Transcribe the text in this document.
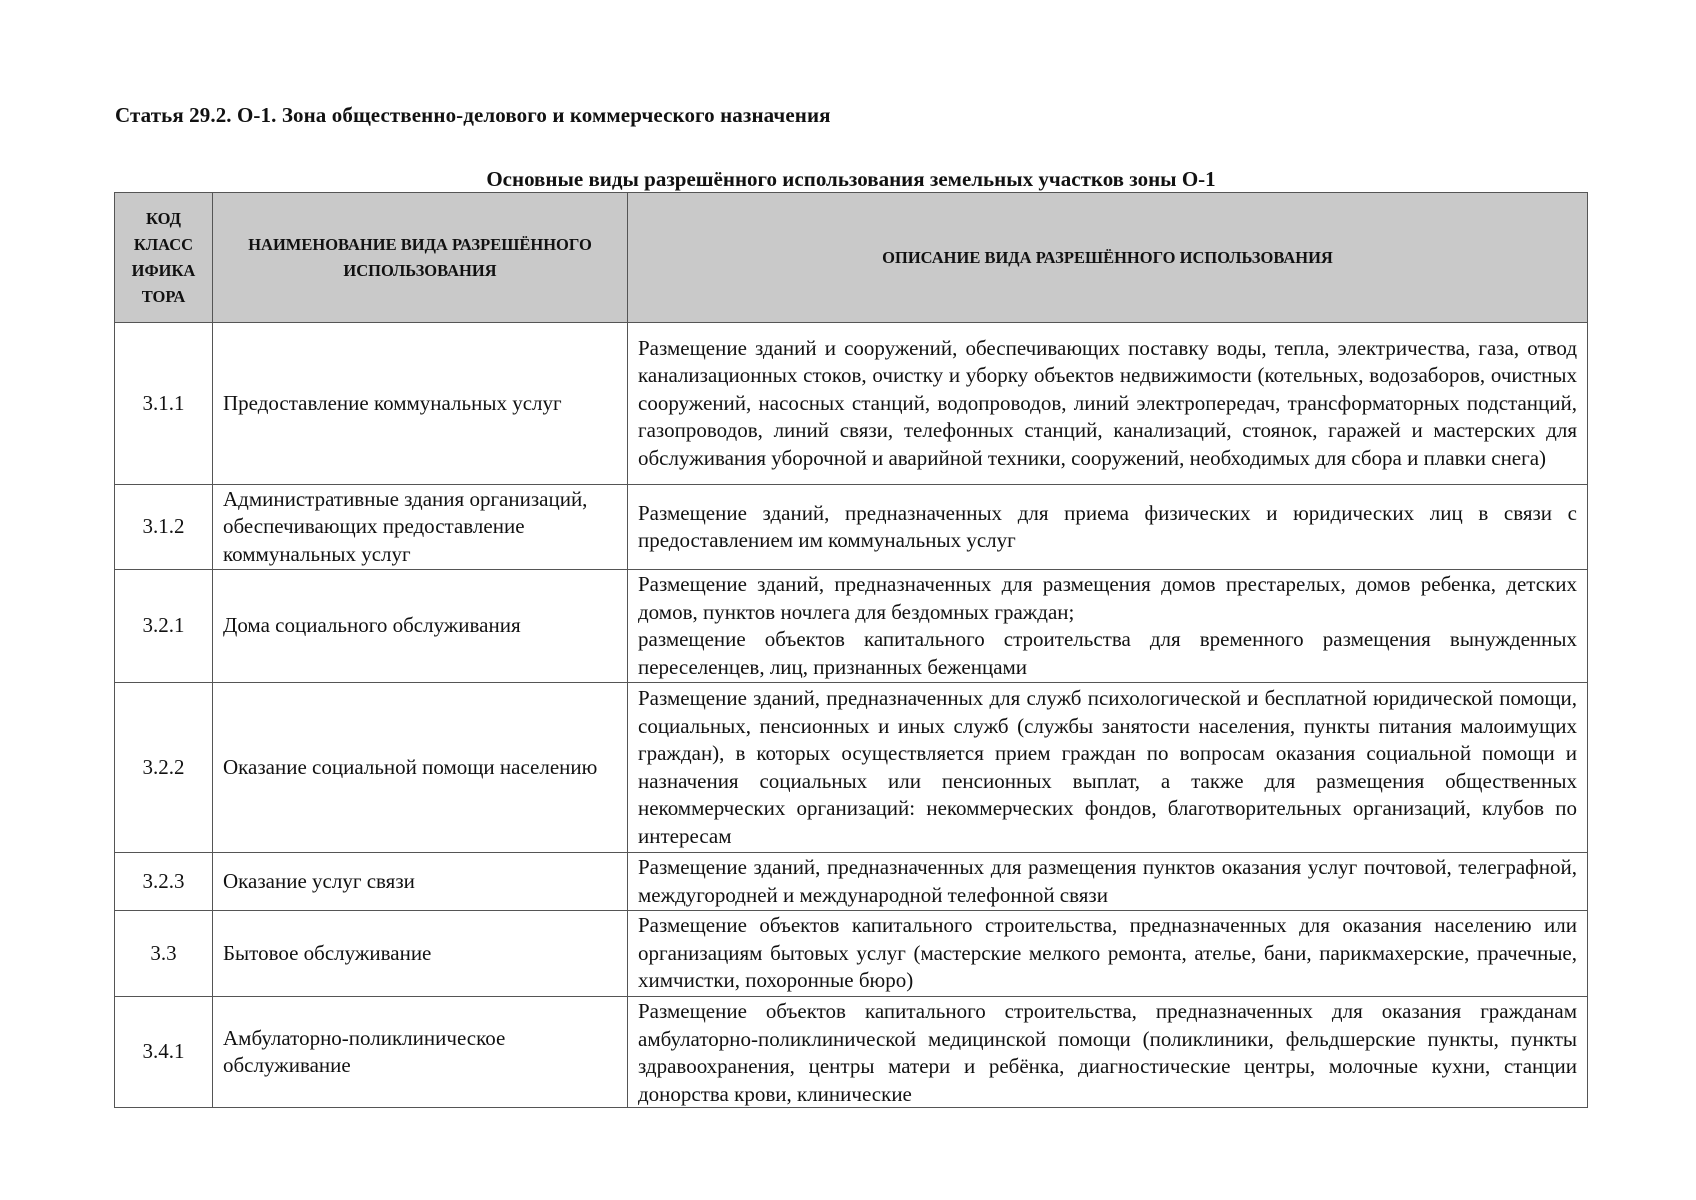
Статья 29.2. О-1. Зона общественно-делового и коммерческого назначения
Основные виды разрешённого использования земельных участков зоны О-1
КОД КЛАСС ИФИКА ТОРА	НАИМЕНОВАНИЕ ВИДА РАЗРЕШЁННОГО ИСПОЛЬЗОВАНИЯ	ОПИСАНИЕ ВИДА РАЗРЕШЁННОГО ИСПОЛЬЗОВАНИЯ
3.1.1	Предоставление коммунальных услуг	Размещение зданий и сооружений, обеспечивающих поставку воды, тепла, электричества, газа, отвод канализационных стоков, очистку и уборку объектов недвижимости (котельных, водозаборов, очистных сооружений, насосных станций, водопроводов, линий электропередач, трансформаторных подстанций, газопроводов, линий связи, телефонных станций, канализаций, стоянок, гаражей и мастерских для обслуживания уборочной и аварийной техники, сооружений, необходимых для сбора и плавки снега)
3.1.2	Административные здания организаций, обеспечивающих предоставление коммунальных услуг	Размещение зданий, предназначенных для приема физических и юридических лиц в связи с предоставлением им коммунальных услуг
3.2.1	Дома социального обслуживания	Размещение зданий, предназначенных для размещения домов престарелых, домов ребенка, детских домов, пунктов ночлега для бездомных граждан;

размещение объектов капитального строительства для временного размещения вынужденных переселенцев, лиц, признанных беженцами

3.2.2	Оказание социальной помощи населению	Размещение зданий, предназначенных для служб психологической и бесплатной юридической помощи, социальных, пенсионных и иных служб (службы занятости населения, пункты питания малоимущих граждан), в которых осуществляется прием граждан по вопросам оказания социальной помощи и назначения социальных или пенсионных выплат, а также для размещения общественных некоммерческих организаций: некоммерческих фондов, благотворительных организаций, клубов по интересам
3.2.3	Оказание услуг связи	Размещение зданий, предназначенных для размещения пунктов оказания услуг почтовой, телеграфной, междугородней и международной телефонной связи
3.3	Бытовое обслуживание	Размещение объектов капитального строительства, предназначенных для оказания населению или организациям бытовых услуг (мастерские мелкого ремонта, ателье, бани, парикмахерские, прачечные, химчистки, похоронные бюро)
3.4.1	Амбулаторно-поликлиническое обслуживание	Размещение объектов капитального строительства, предназначенных для оказания гражданам амбулаторно-поликлинической медицинской помощи (поликлиники, фельдшерские пункты, пункты здравоохранения, центры матери и ребёнка, диагностические центры, молочные кухни, станции донорства крови, клинические
